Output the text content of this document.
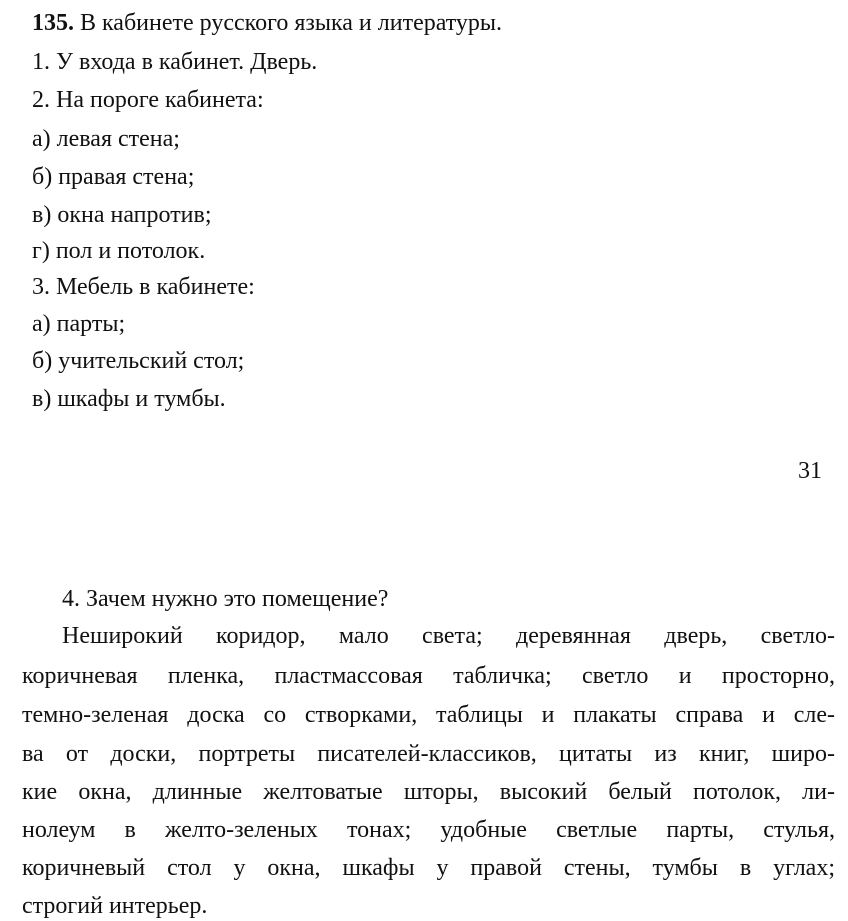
135. В кабинете русского языка и литературы.
1. У входа в кабинет. Дверь.
2. На пороге кабинета:
а) левая стена;
б) правая стена;
в) окна напротив;
г) пол и потолок.
3. Мебель в кабинете:
а) парты;
б) учительский стол;
в) шкафы и тумбы.
31
4. Зачем нужно это помещение?
Неширокий коридор, мало света; деревянная дверь, светло-
коричневая пленка, пластмассовая табличка; светло и просторно,
темно-зеленая доска со створками, таблицы и плакаты справа и сле-
ва от доски, портреты писателей-классиков, цитаты из книг, широ-
кие окна, длинные желтоватые шторы, высокий белый потолок, ли-
нолеум в желто-зеленых тонах; удобные светлые парты, стулья,
коричневый стол у окна, шкафы у правой стены, тумбы в углах;
строгий интерьер.
